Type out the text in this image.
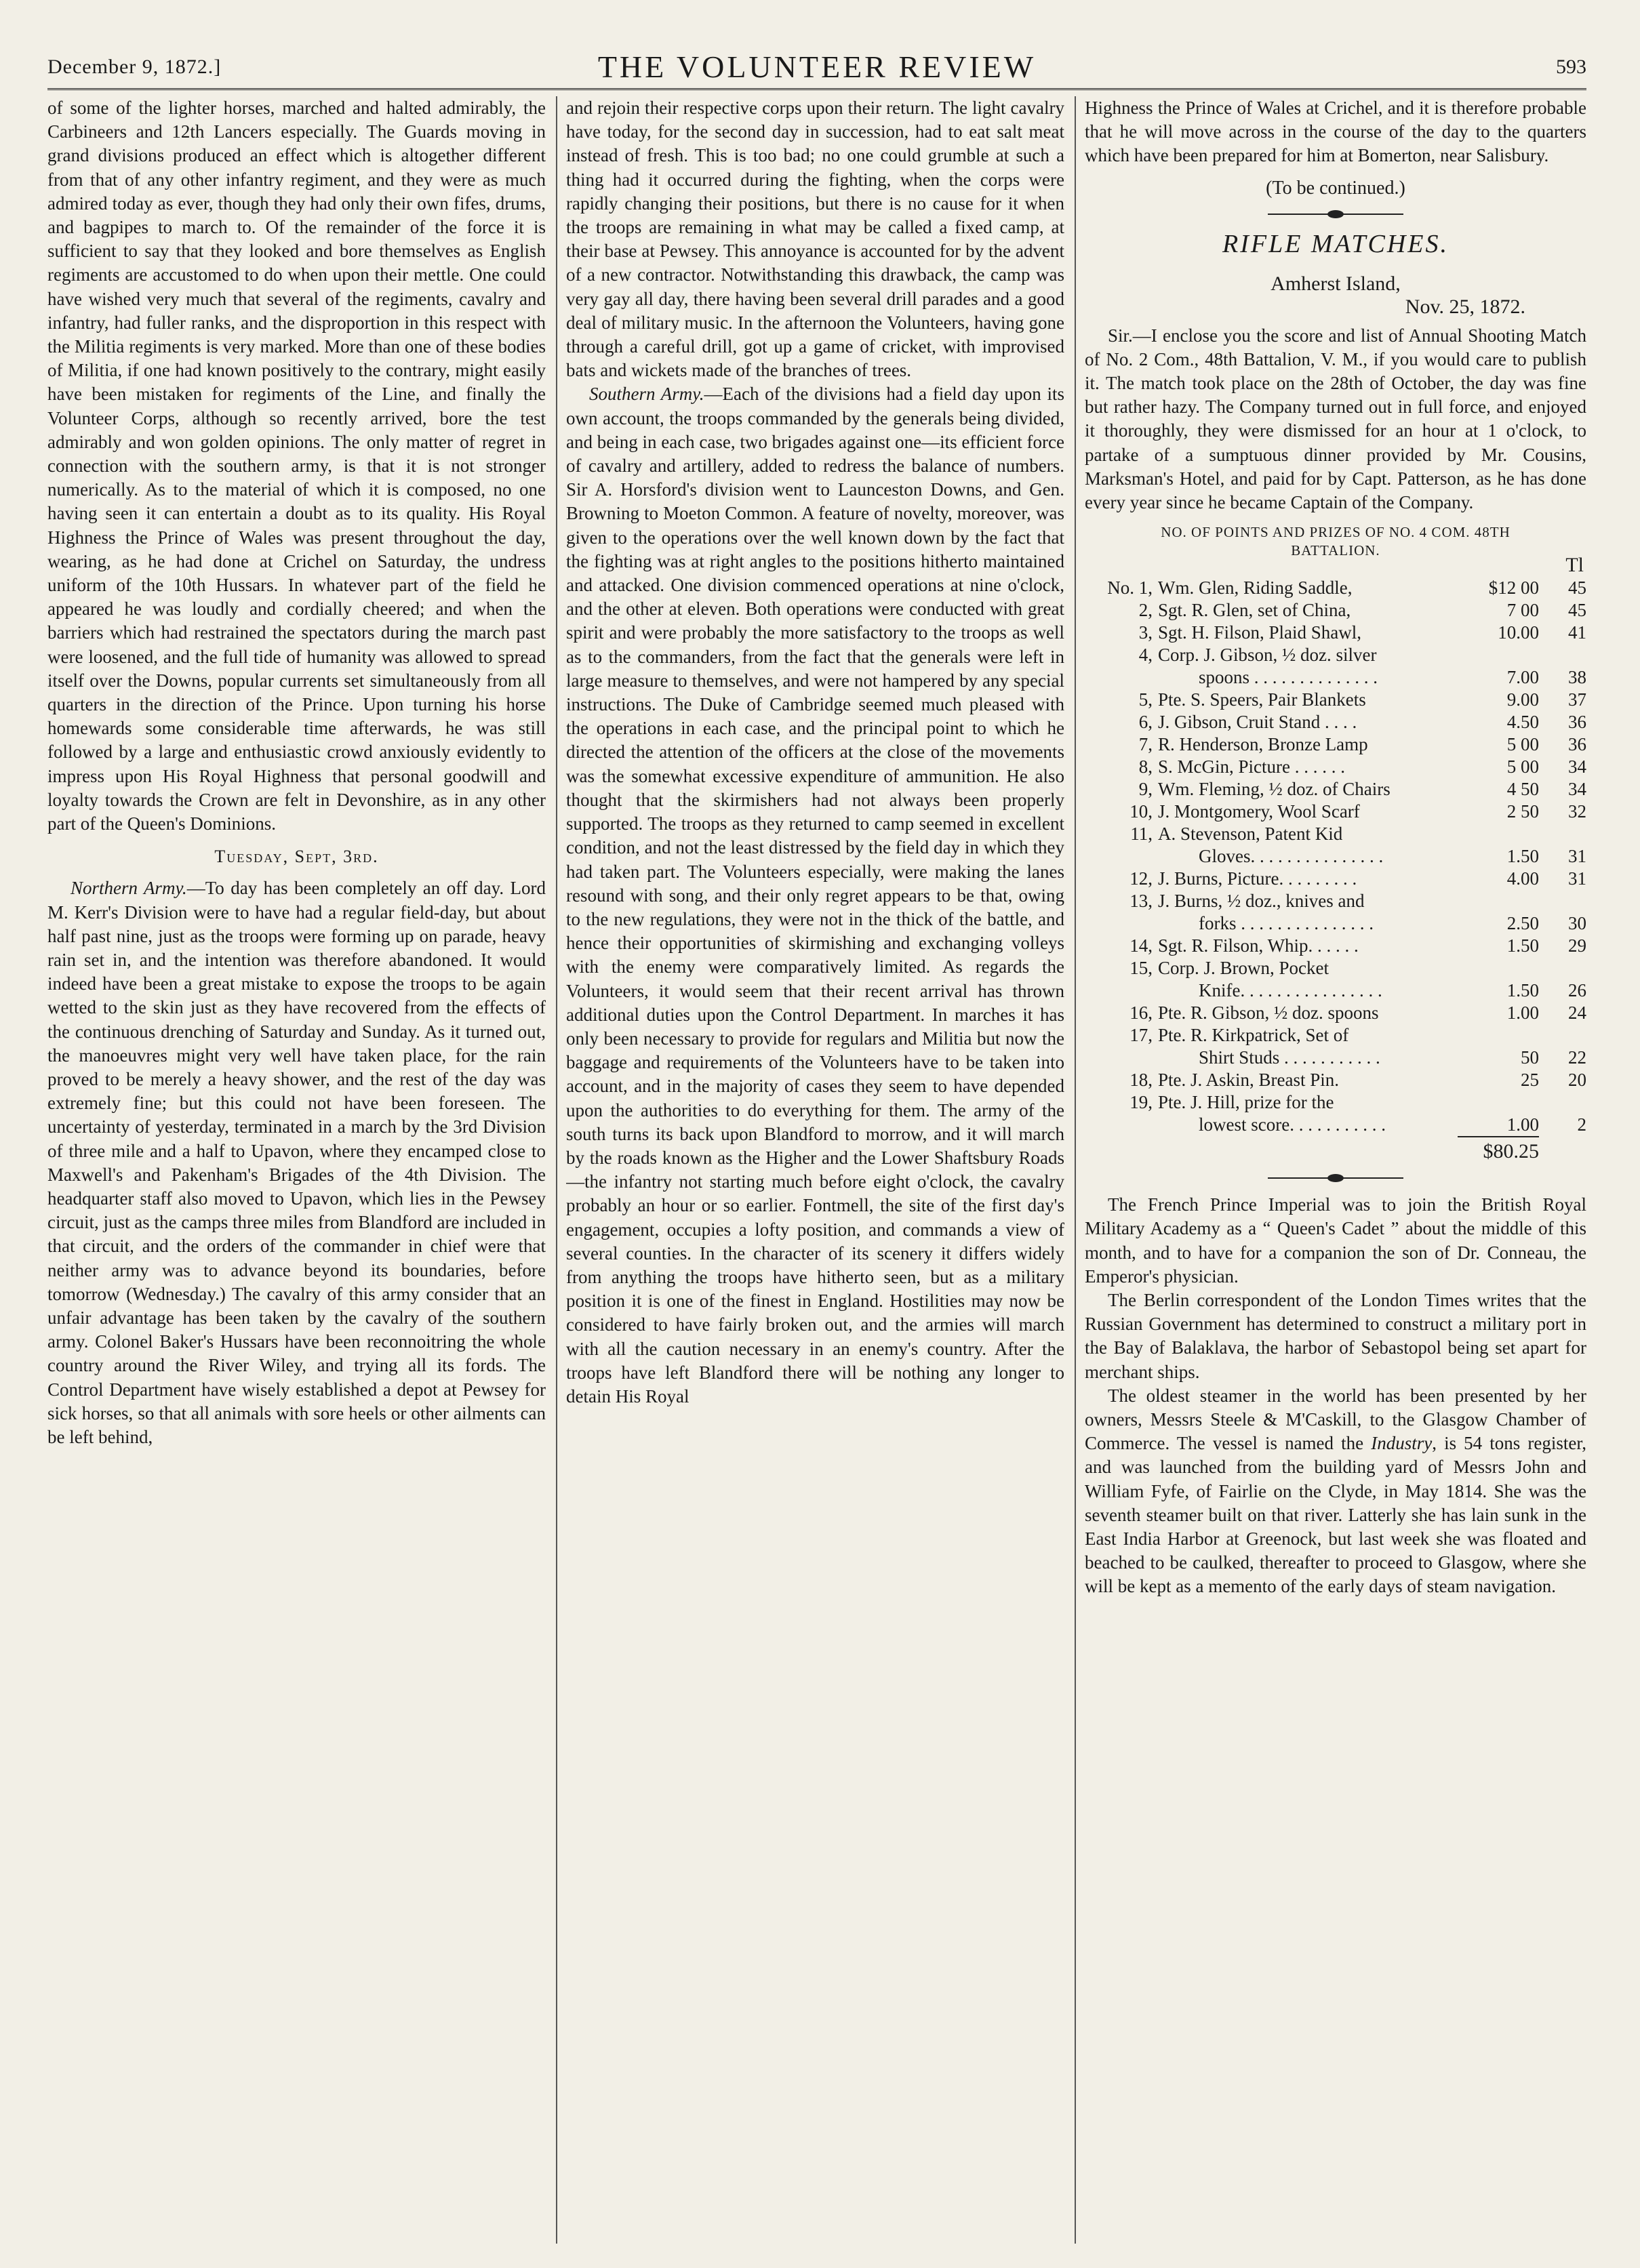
December 9, 1872.]	THE VOLUNTEER REVIEW	593

of some of the lighter horses, marched and halted admirably, the Carbineers and 12th Lancers especially. The Guards moving in grand divisions produced an effect which is altogether different from that of any other infantry regiment, and they were as much admired today as ever, though they had only their own fifes, drums, and bagpipes to march to. Of the remainder of the force it is sufficient to say that they looked and bore themselves as English regiments are accustomed to do when upon their mettle. One could have wished very much that several of the regiments, cavalry and infantry, had fuller ranks, and the disproportion in this respect with the Militia regiments is very marked. More than one of these bodies of Militia, if one had known positively to the contrary, might easily have been mistaken for regiments of the Line, and finally the Volunteer Corps, although so recently arrived, bore the test admirably and won golden opinions. The only matter of regret in connection with the southern army, is that it is not stronger numerically. As to the material of which it is composed, no one having seen it can entertain a doubt as to its quality. His Royal Highness the Prince of Wales was present throughout the day, wearing, as he had done at Crichel on Saturday, the undress uniform of the 10th Hussars. In whatever part of the field he appeared he was loudly and cordially cheered; and when the barriers which had restrained the spectators during the march past were loosened, and the full tide of humanity was allowed to spread itself over the Downs, popular currents set simultaneously from all quarters in the direction of the Prince. Upon turning his horse homewards some considerable time afterwards, he was still followed by a large and enthusiastic crowd anxiously evidently to impress upon His Royal Highness that personal goodwill and loyalty towards the Crown are felt in Devonshire, as in any other part of the Queen's Dominions.

Tuesday, Sept, 3rd.

Northern Army.—To day has been completely an off day. Lord M. Kerr's Division were to have had a regular field-day, but about half past nine, just as the troops were forming up on parade, heavy rain set in, and the intention was therefore abandoned. It would indeed have been a great mistake to expose the troops to be again wetted to the skin just as they have recovered from the effects of the continuous drenching of Saturday and Sunday. As it turned out, the manoeuvres might very well have taken place, for the rain proved to be merely a heavy shower, and the rest of the day was extremely fine; but this could not have been foreseen. The uncertainty of yesterday, terminated in a march by the 3rd Division of three mile and a half to Upavon, where they encamped close to Maxwell's and Pakenham's Brigades of the 4th Division. The headquarter staff also moved to Upavon, which lies in the Pewsey circuit, just as the camps three miles from Blandford are included in that circuit, and the orders of the commander in chief were that neither army was to advance beyond its boundaries, before tomorrow (Wednesday.) The cavalry of this army consider that an unfair advantage has been taken by the cavalry of the southern army. Colonel Baker's Hussars have been reconnoitring the whole country around the River Wiley, and trying all its fords. The Control Department have wisely established a depot at Pewsey for sick horses, so that all animals with sore heels or other ailments can be left behind,

and rejoin their respective corps upon their return. The light cavalry have today, for the second day in succession, had to eat salt meat instead of fresh. This is too bad; no one could grumble at such a thing had it occurred during the fighting, when the corps were rapidly changing their positions, but there is no cause for it when the troops are remaining in what may be called a fixed camp, at their base at Pewsey. This annoyance is accounted for by the advent of a new contractor. Notwithstanding this drawback, the camp was very gay all day, there having been several drill parades and a good deal of military music. In the afternoon the Volunteers, having gone through a careful drill, got up a game of cricket, with improvised bats and wickets made of the branches of trees.

Southern Army.—Each of the divisions had a field day upon its own account, the troops commanded by the generals being divided, and being in each case, two brigades against one—its efficient force of cavalry and artillery, added to redress the balance of numbers. Sir A. Horsford's division went to Launceston Downs, and Gen. Browning to Moeton Common. A feature of novelty, moreover, was given to the operations over the well known down by the fact that the fighting was at right angles to the positions hitherto maintained and attacked. One division commenced operations at nine o'clock, and the other at eleven. Both operations were conducted with great spirit and were probably the more satisfactory to the troops as well as to the commanders, from the fact that the generals were left in large measure to themselves, and were not hampered by any special instructions. The Duke of Cambridge seemed much pleased with the operations in each case, and the principal point to which he directed the attention of the officers at the close of the movements was the somewhat excessive expenditure of ammunition. He also thought that the skirmishers had not always been properly supported. The troops as they returned to camp seemed in excellent condition, and not the least distressed by the field day in which they had taken part. The Volunteers especially, were making the lanes resound with song, and their only regret appears to be that, owing to the new regulations, they were not in the thick of the battle, and hence their opportunities of skirmishing and exchanging volleys with the enemy were comparatively limited. As regards the Volunteers, it would seem that their recent arrival has thrown additional duties upon the Control Department. In marches it has only been necessary to provide for regulars and Militia but now the baggage and requirements of the Volunteers have to be taken into account, and in the majority of cases they seem to have depended upon the authorities to do everything for them. The army of the south turns its back upon Blandford to morrow, and it will march by the roads known as the Higher and the Lower Shaftsbury Roads—the infantry not starting much before eight o'clock, the cavalry probably an hour or so earlier. Fontmell, the site of the first day's engagement, occupies a lofty position, and commands a view of several counties. In the character of its scenery it differs widely from anything the troops have hitherto seen, but as a military position it is one of the finest in England. Hostilities may now be considered to have fairly broken out, and the armies will march with all the caution necessary in an enemy's country. After the troops have left Blandford there will be nothing any longer to detain His Royal

Highness the Prince of Wales at Crichel, and it is therefore probable that he will move across in the course of the day to the quarters which have been prepared for him at Bomerton, near Salisbury.

(To be continued.)
RIFLE MATCHES.
Amherst Island,
Nov. 25, 1872.

Sir.—I enclose you the score and list of Annual Shooting Match of No. 2 Com., 48th Battalion, V. M., if you would care to publish it. The match took place on the 28th of October, the day was fine but rather hazy. The Company turned out in full force, and enjoyed it thoroughly, they were dismissed for an hour at 1 o'clock, to partake of a sumptuous dinner provided by Mr. Cousins, Marksman's Hotel, and paid for by Capt. Patterson, as he has done every year since he became Captain of the Company.

NO. OF POINTS AND PRIZES OF NO. 4 COM. 48TH
BATTALION.
Tl
No. 1, Wm. Glen, Riding Saddle,	$12 00	45
2, Sgt. R. Glen, set of China,	7 00	45
3, Sgt. H. Filson, Plaid Shawl,	10.00	41
4, Corp. J. Gibson, ½ doz. silver
spoons . . . . . . . . . . . . . .	7.00	38
5, Pte. S. Speers, Pair Blankets	9.00	37
6, J. Gibson, Cruit Stand . . . .	4.50	36
7, R. Henderson, Bronze Lamp	5 00	36
8, S. McGin, Picture . . . . . .	5 00	34
9, Wm. Fleming, ½ doz. of Chairs	4 50	34
10, J. Montgomery, Wool Scarf	2 50	32
11, A. Stevenson, Patent Kid
Gloves. . . . . . . . . . . . . . .	1.50	31
12, J. Burns, Picture. . . . . . . . .	4.00	31
13, J. Burns, ½ doz., knives and
forks . . . . . . . . . . . . . . .	2.50	30
14, Sgt. R. Filson, Whip. . . . . .	1.50	29
15, Corp. J. Brown, Pocket
Knife. . . . . . . . . . . . . . . .	1.50	26
16, Pte. R. Gibson, ½ doz. spoons	1.00	24
17, Pte. R. Kirkpatrick, Set of
Shirt Studs . . . . . . . . . . .	50	22
18, Pte. J. Askin, Breast Pin.	25	20
19, Pte. J. Hill, prize for the
lowest score. . . . . . . . . . .	1.00	2
$80.25

The French Prince Imperial was to join the British Royal Military Academy as a “ Queen's Cadet ” about the middle of this month, and to have for a companion the son of Dr. Conneau, the Emperor's physician.

The Berlin correspondent of the London Times writes that the Russian Government has determined to construct a military port in the Bay of Balaklava, the harbor of Sebastopol being set apart for merchant ships.

The oldest steamer in the world has been presented by her owners, Messrs Steele & M'Caskill, to the Glasgow Chamber of Commerce. The vessel is named the Industry, is 54 tons register, and was launched from the building yard of Messrs John and William Fyfe, of Fairlie on the Clyde, in May 1814. She was the seventh steamer built on that river. Latterly she has lain sunk in the East India Harbor at Greenock, but last week she was floated and beached to be caulked, thereafter to proceed to Glasgow, where she will be kept as a memento of the early days of steam navigation.
